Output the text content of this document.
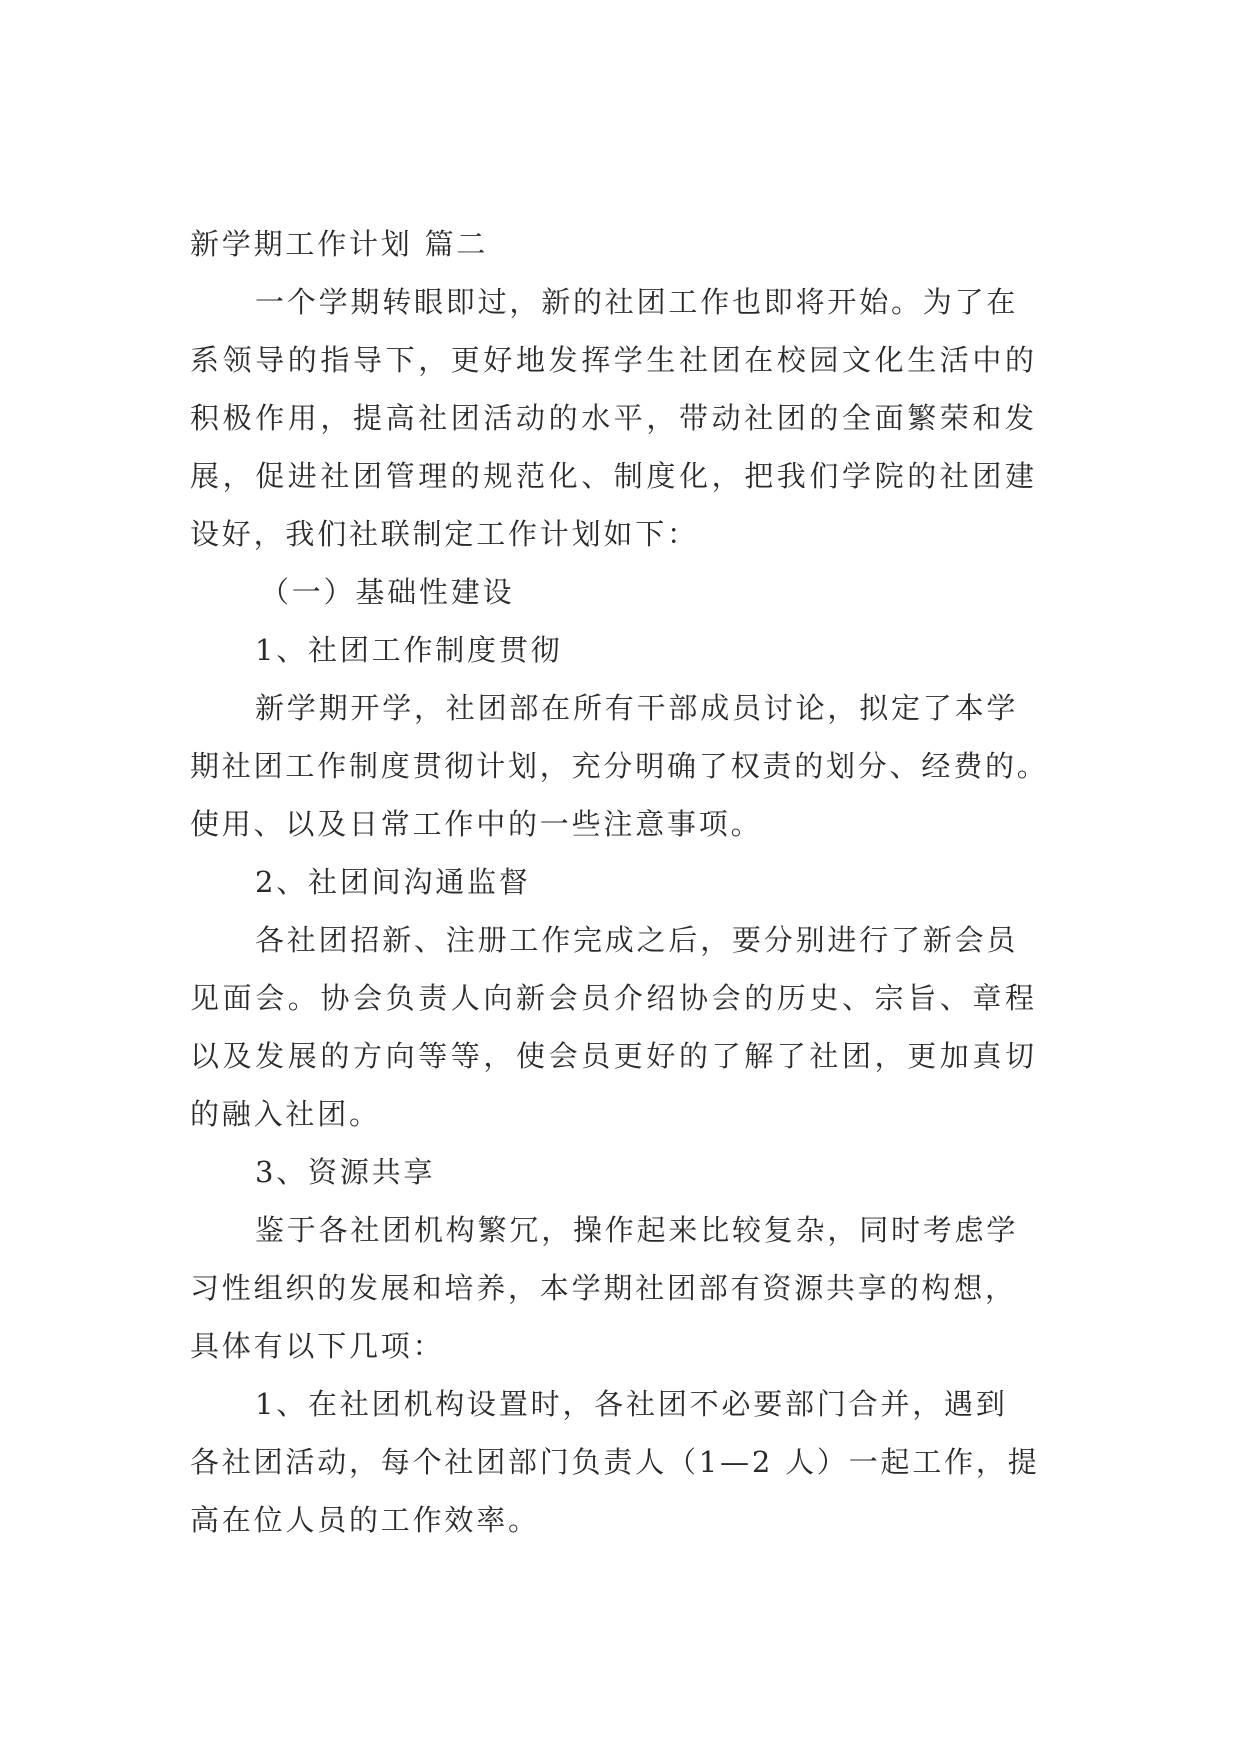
新学期工作计划 篇二
一个学期转眼即过，新的社团工作也即将开始。为了在
系领导的指导下，更好地发挥学生社团在校园文化生活中的
积极作用，提高社团活动的水平，带动社团的全面繁荣和发
展，促进社团管理的规范化、制度化，把我们学院的社团建
设好，我们社联制定工作计划如下：
（一）基础性建设
1、社团工作制度贯彻
新学期开学，社团部在所有干部成员讨论，拟定了本学
期社团工作制度贯彻计划，充分明确了权责的划分、经费的。
使用、以及日常工作中的一些注意事项。
2、社团间沟通监督
各社团招新、注册工作完成之后，要分别进行了新会员
见面会。协会负责人向新会员介绍协会的历史、宗旨、章程
以及发展的方向等等，使会员更好的了解了社团，更加真切
的融入社团。
3、资源共享
鉴于各社团机构繁冗，操作起来比较复杂，同时考虑学
习性组织的发展和培养，本学期社团部有资源共享的构想，
具体有以下几项：
1、在社团机构设置时，各社团不必要部门合并，遇到
各社团活动，每个社团部门负责人（1—2 人）一起工作，提
高在位人员的工作效率。
